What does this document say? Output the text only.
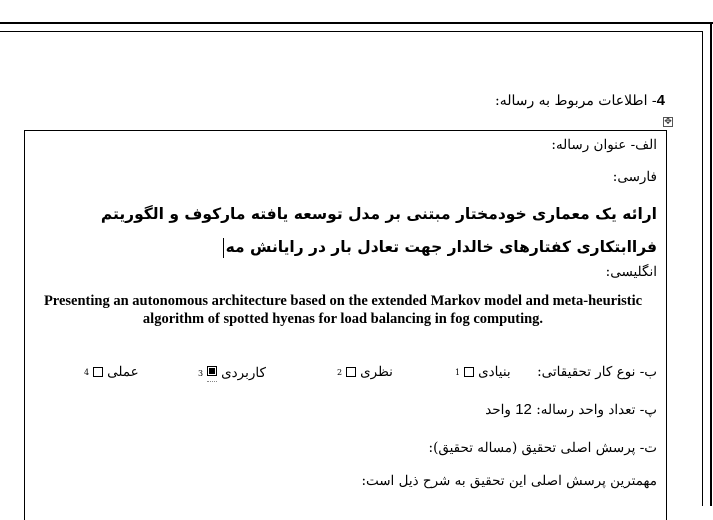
4- اطلاعات مربوط به رساله:
✥
الف- عنوان رساله:
فارسی:
ارائه یک معماری خودمختار مبتنی بر مدل توسعه یافته مارکوف و الگوریتم فراابتکاری کفتارهای خالدار جهت تعادل بار در رایانش مه
انگلیسی:
Presenting an autonomous architecture based on the extended Markov model and meta-heuristic algorithm of spotted hyenas for load balancing in fog computing.
ب- نوع کار تحقیقاتی:
بنیادی
1
نظری
2
کاربردی
3
عملی
4
پ- تعداد واحد رساله: 12 واحد
ت- پرسش اصلی تحقیق (مساله تحقیق):
مهمترین پرسش اصلی این تحقیق به شرح ذیل است:
